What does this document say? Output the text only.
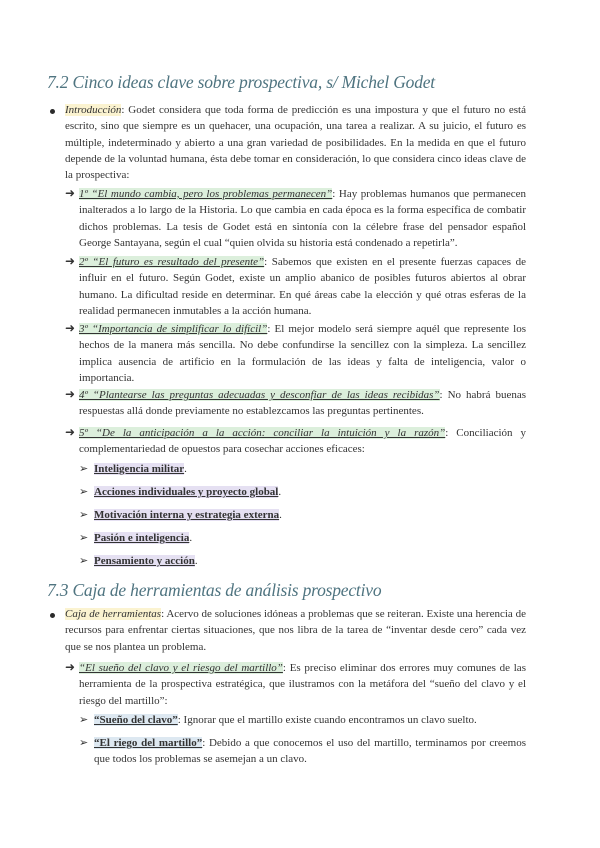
7.2 Cinco ideas clave sobre prospectiva, s/ Michel Godet
Introducción: Godet considera que toda forma de predicción es una impostura y que el futuro no está escrito, sino que siempre es un quehacer, una ocupación, una tarea a realizar. A su juicio, el futuro es múltiple, indeterminado y abierto a una gran variedad de posibilidades. En la medida en que el futuro depende de la voluntad humana, ésta debe tomar en consideración, lo que considera cinco ideas clave de la prospectiva:
➜ 1º “El mundo cambia, pero los problemas permanecen”: Hay problemas humanos que permanecen inalterados a lo largo de la Historia. Lo que cambia en cada época es la forma específica de combatir dichos problemas. La tesis de Godet está en sintonía con la célebre frase del pensador español George Santayana, según el cual “quien olvida su historia está condenado a repetirla”.
➜ 2º “El futuro es resultado del presente”: Sabemos que existen en el presente fuerzas capaces de influir en el futuro. Según Godet, existe un amplio abanico de posibles futuros abiertos al obrar humano. La dificultad reside en determinar. En qué áreas cabe la elección y qué otras esferas de la realidad permanecen inmutables a la acción humana.
➜ 3º “Importancia de simplificar lo difícil”: El mejor modelo será siempre aquél que represente los hechos de la manera más sencilla. No debe confundirse la sencillez con la simpleza. La sencillez implica ausencia de artificio en la formulación de las ideas y falta de inteligencia, valor o importancia.
➜ 4º “Plantearse las preguntas adecuadas y desconfiar de las ideas recibidas”: No habrá buenas respuestas allá donde previamente no establezcamos las preguntas pertinentes.
➜ 5º “De la anticipación a la acción: conciliar la intuición y la razón”: Conciliación y complementariedad de opuestos para cosechar acciones eficaces:
➢ Inteligencia militar.
➢ Acciones individuales y proyecto global.
➢ Motivación interna y estrategia externa.
➢ Pasión e inteligencia.
➢ Pensamiento y acción.
7.3 Caja de herramientas de análisis prospectivo
Caja de herramientas: Acervo de soluciones idóneas a problemas que se reiteran. Existe una herencia de recursos para enfrentar ciertas situaciones, que nos libra de la tarea de “inventar desde cero” cada vez que se nos plantea un problema.
➜ “El sueño del clavo y el riesgo del martillo”: Es preciso eliminar dos errores muy comunes de las herramienta de la prospectiva estratégica, que ilustramos con la metáfora del “sueño del clavo y el riesgo del martillo”:
➢ “Sueño del clavo”: Ignorar que el martillo existe cuando encontramos un clavo suelto.
➢ “El riego del martillo”: Debido a que conocemos el uso del martillo, terminamos por creemos que todos los problemas se asemejan a un clavo.
